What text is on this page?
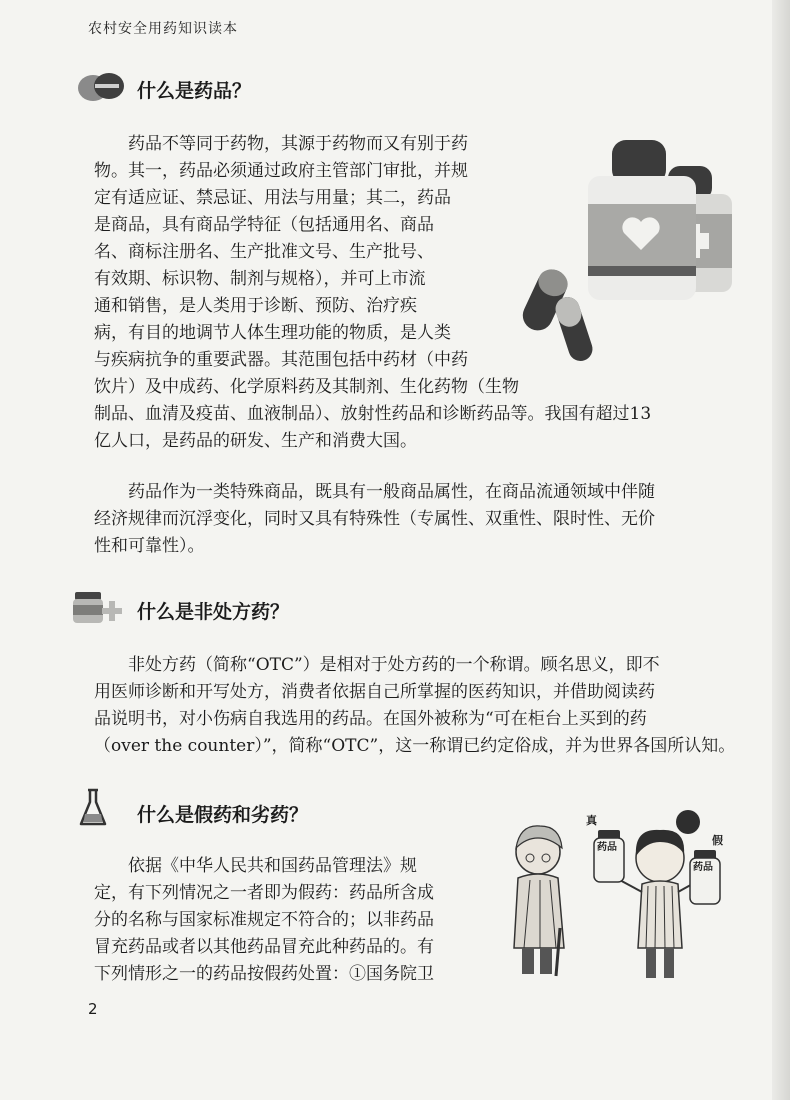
农村安全用药知识读本
什么是药品？
　　药品不等同于药物，其源于药物而又有别于药
物。其一，药品必须通过政府主管部门审批，并规
定有适应证、禁忌证、用法与用量；其二，药品
是商品，具有商品学特征（包括通用名、商品
名、商标注册名、生产批准文号、生产批号、
有效期、标识物、制剂与规格），并可上市流
通和销售，是人类用于诊断、预防、治疗疾
病，有目的地调节人体生理功能的物质，是人类
与疾病抗争的重要武器。其范围包括中药材（中药
饮片）及中成药、化学原料药及其制剂、生化药物（生物
制品、血清及疫苗、血液制品）、放射性药品和诊断药品等。我国有超过13
亿人口，是药品的研发、生产和消费大国。
　　药品作为一类特殊商品，既具有一般商品属性，在商品流通领域中伴随
经济规律而沉浮变化，同时又具有特殊性（专属性、双重性、限时性、无价
性和可靠性）。
什么是非处方药？
　　非处方药（简称“OTC”）是相对于处方药的一个称谓。顾名思义，即不
用医师诊断和开写处方，消费者依据自己所掌握的医药知识，并借助阅读药
品说明书，对小伤病自我选用的药品。在国外被称为“可在柜台上买到的药
（over the counter）”，简称“OTC”，这一称谓已约定俗成，并为世界各国所认知。
什么是假药和劣药？
　　依据《中华人民共和国药品管理法》规
定，有下列情况之一者即为假药：药品所含成
分的名称与国家标准规定不符合的；以非药品
冒充药品或者以其他药品冒充此种药品的。有
下列情形之一的药品按假药处置：①国务院卫
真
假
药品
药品
2
